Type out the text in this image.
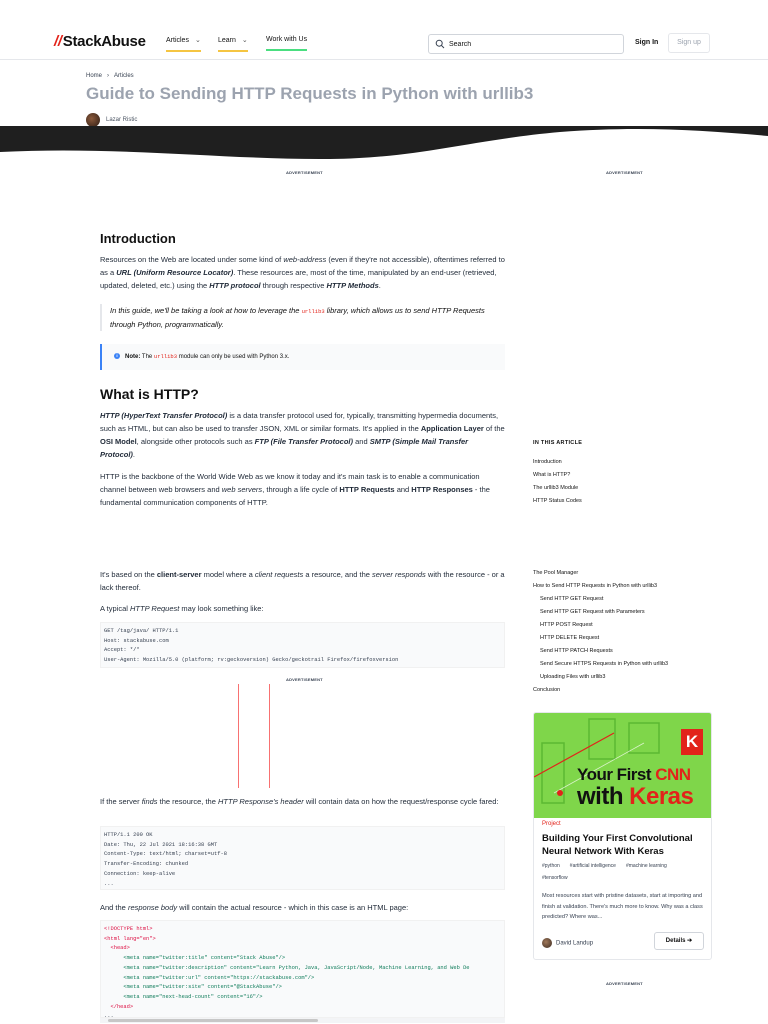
//StackAbuse	Articles ⌄ Learn ⌄	Work with Us
Search	Sign In	Sign up
Home › Articles
Guide to Sending HTTP Requests in Python with urllib3
Lazar Ristic
ADVERTISEMENT	ADVERTISEMENT
Introduction
Resources on the Web are located under some kind of web-address (even if they're not accessible), oftentimes referred to as a URL (Uniform Resource Locator). These resources are, most of the time, manipulated by an end-user (retrieved, updated, deleted, etc.) using the HTTP protocol through respective HTTP Methods.
In this guide, we'll be taking a look at how to leverage the urllib3 library, which allows us to send HTTP Requests through Python, programmatically.
i Note: The urllib3 module can only be used with Python 3.x.
What is HTTP?
HTTP (HyperText Transfer Protocol) is a data transfer protocol used for, typically, transmitting hypermedia documents, such as HTML, but can also be used to transfer JSON, XML or similar formats. It's applied in the Application Layer of the OSI Model, alongside other protocols such as FTP (File Transfer Protocol) and SMTP (Simple Mail Transfer Protocol).
HTTP is the backbone of the World Wide Web as we know it today and it's main task is to enable a communication channel between web browsers and web servers, through a life cycle of HTTP Requests and HTTP Responses - the fundamental communication components of HTTP.
It's based on the client-server model where a client requests a resource, and the server responds with the resource - or a lack thereof.
A typical HTTP Request may look something like:
GET /tag/java/ HTTP/1.1
Host: stackabuse.com
Accept: */*
User-Agent: Mozilla/5.0 (platform; rv:geckoversion) Gecko/geckotrail Firefox/firefoxversion
ADVERTISEMENT
If the server finds the resource, the HTTP Response's header will contain data on how the request/response cycle fared:
HTTP/1.1 200 OK
Date: Thu, 22 Jul 2021 18:16:38 GMT
Content-Type: text/html; charset=utf-8
Transfer-Encoding: chunked
Connection: keep-alive
...
And the response body will contain the actual resource - which in this case is an HTML page:
<!DOCTYPE html>
<html lang="en">
<head>
<meta name="twitter:title" content="Stack Abuse"/>
<meta name="twitter:description" content="Learn Python, Java, JavaScript/Node, Machine Learning, and Web De
<meta name="twitter:url" content="https://stackabuse.com"/>
<meta name="twitter:site" content="@StackAbuse"/>
<meta name="next-head-count" content="16"/>
</head>
...
IN THIS ARTICLE
Introduction
What is HTTP?
The urllib3 Module
HTTP Status Codes
The Pool Manager
How to Send HTTP Requests in Python with urllib3
Send HTTP GET Request
Send HTTP GET Request with Parameters
HTTP POST Request
HTTP DELETE Request
Send HTTP PATCH Requests
Send Secure HTTPS Requests in Python with urllib3
Uploading Files with urllib3
Conclusion
K
Your First CNN
with Keras
Project
Building Your First Convolutional Neural Network With Keras
#python #artificial intelligence #machine learning
#tensorflow
Most resources start with pristine datasets, start at importing and finish at validation. There's much more to know. Why was a class predicted? Where was...
David Landup	Details ➔
ADVERTISEMENT
